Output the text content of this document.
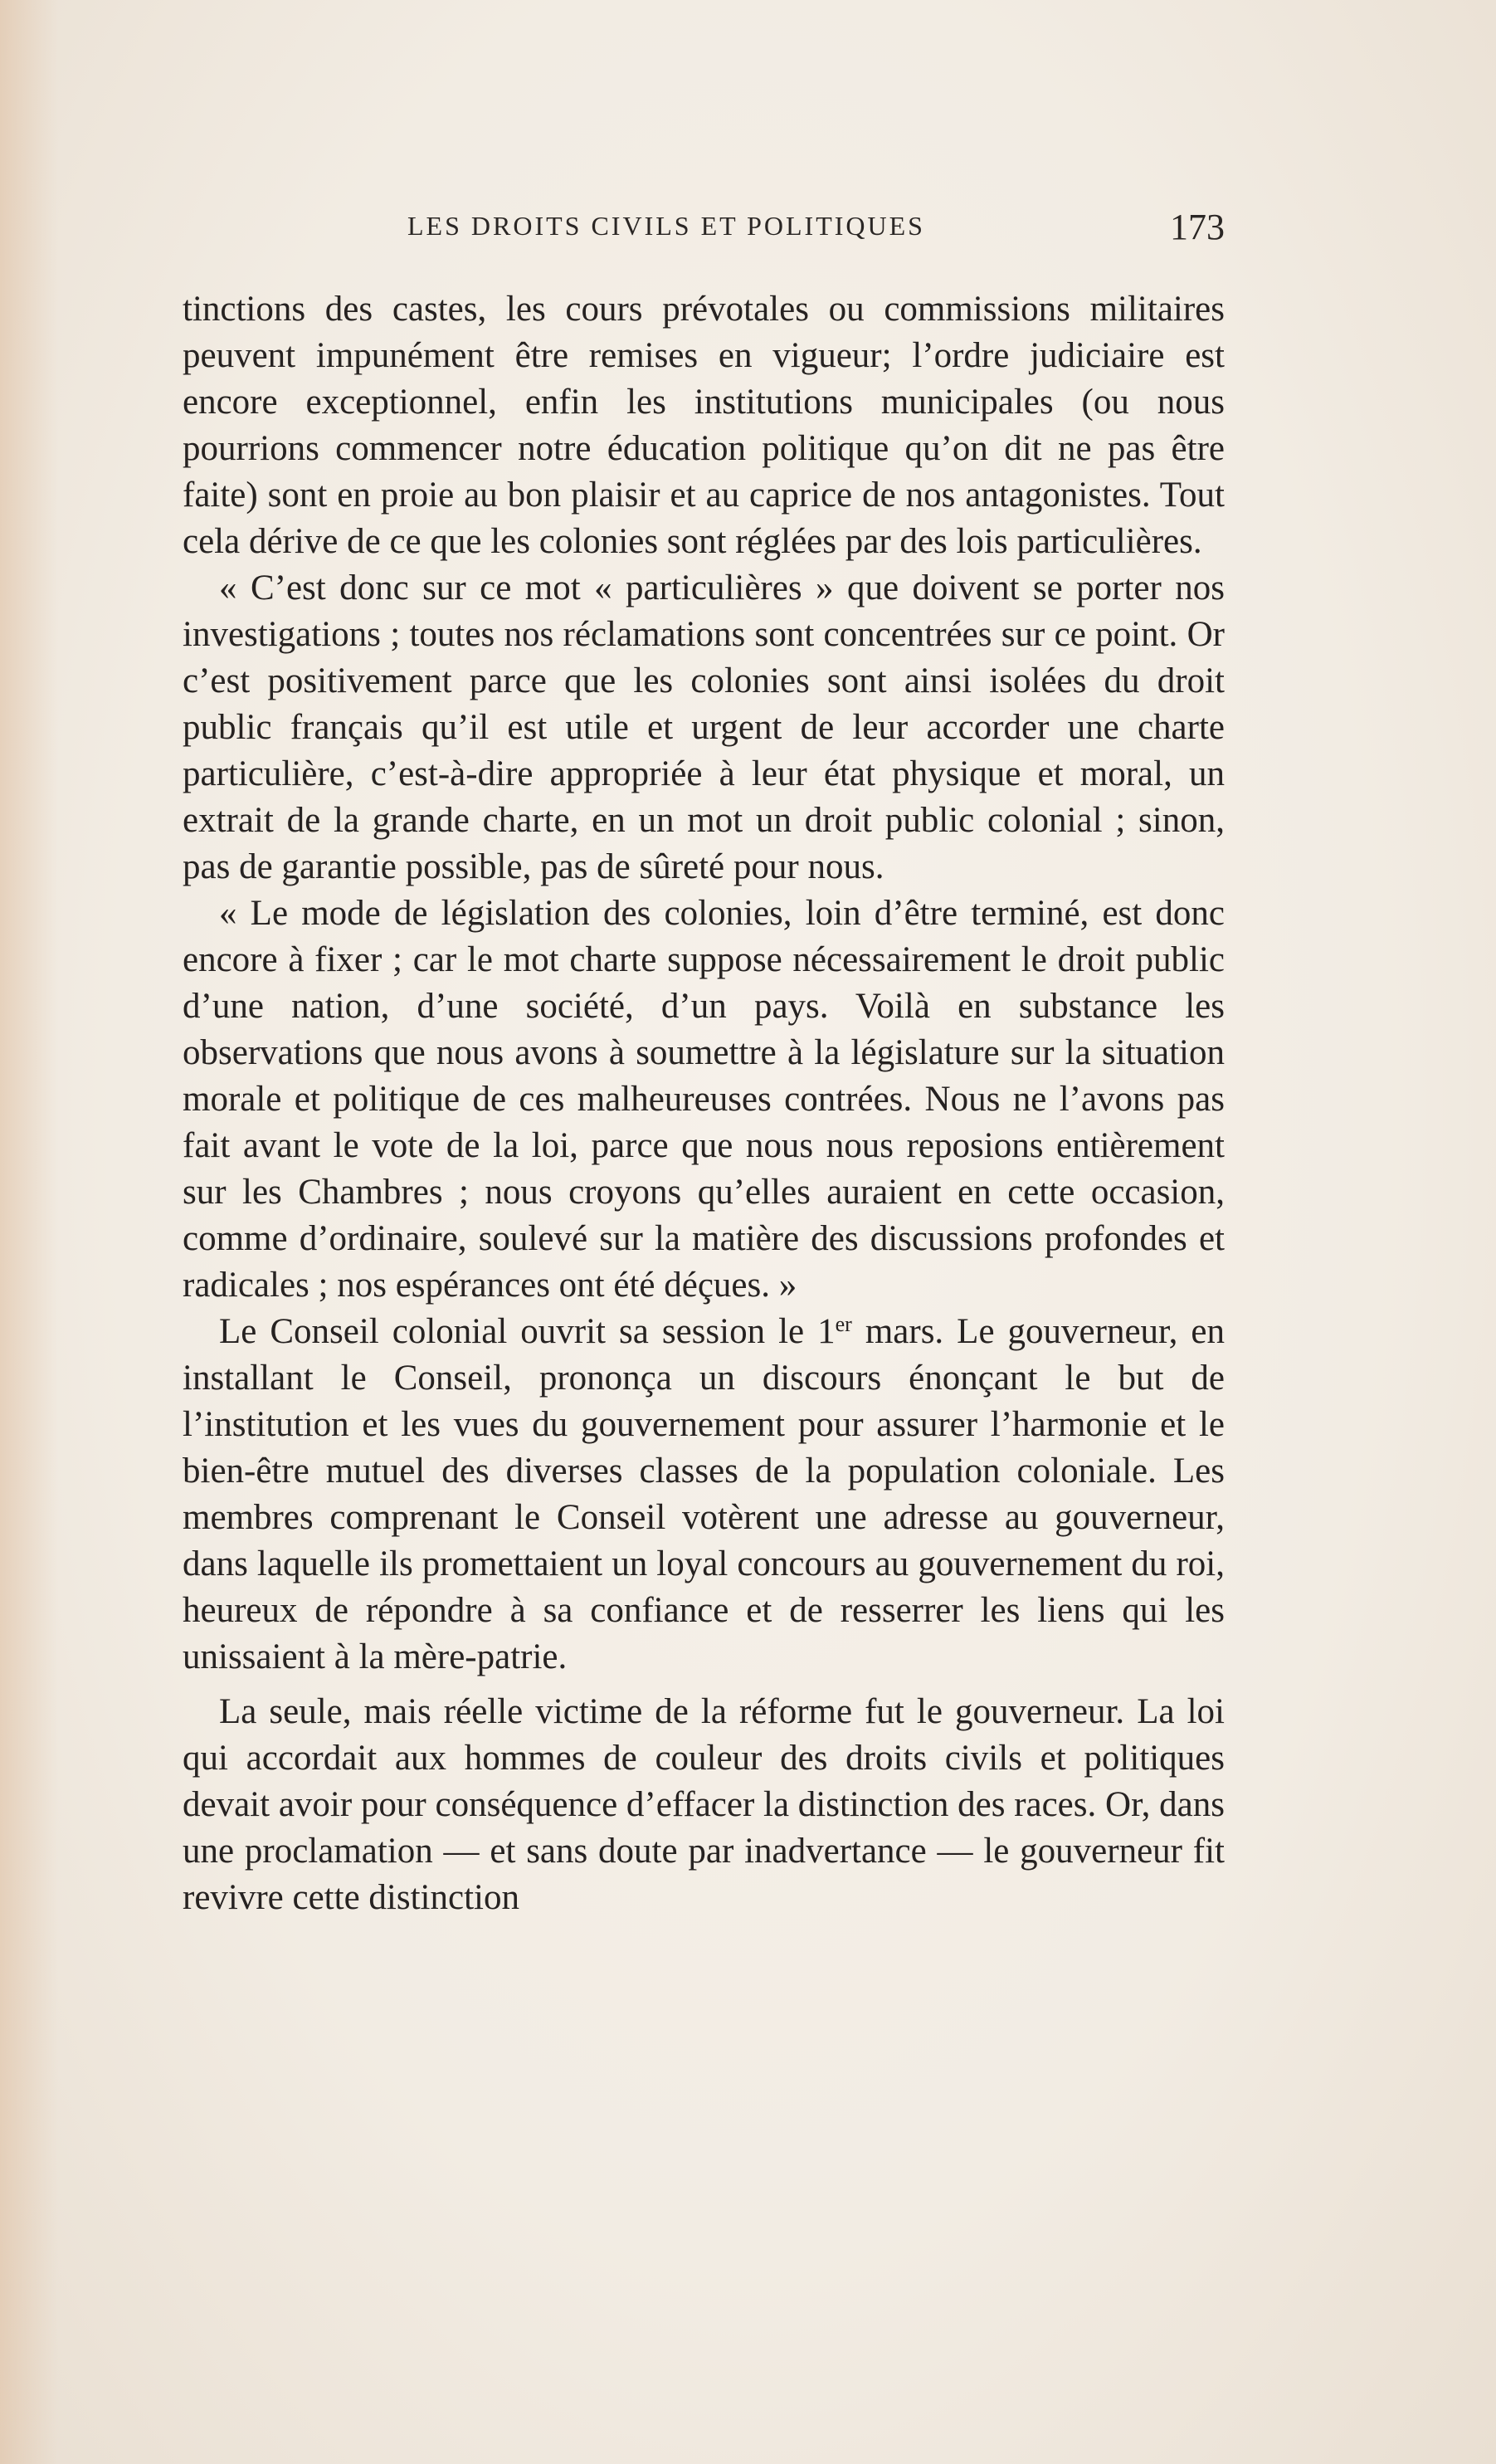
LES DROITS CIVILS ET POLITIQUES	173

tinctions des castes, les cours prévotales ou commissions militaires peuvent impunément être remises en vigueur; l’ordre judiciaire est encore exceptionnel, enfin les institutions municipales (ou nous pourrions commencer notre éducation politique qu’on dit ne pas être faite) sont en proie au bon plaisir et au caprice de nos antagonistes. Tout cela dérive de ce que les colonies sont réglées par des lois particulières.

« C’est donc sur ce mot « particulières » que doivent se porter nos investigations ; toutes nos réclamations sont concentrées sur ce point. Or c’est positivement parce que les colonies sont ainsi isolées du droit public français qu’il est utile et urgent de leur accorder une charte particulière, c’est-à-dire appropriée à leur état physique et moral, un extrait de la grande charte, en un mot un droit public colonial ; sinon, pas de garantie possible, pas de sûreté pour nous.

« Le mode de législation des colonies, loin d’être terminé, est donc encore à fixer ; car le mot charte suppose nécessairement le droit public d’une nation, d’une société, d’un pays. Voilà en substance les observations que nous avons à soumettre à la législature sur la situation morale et politique de ces malheureuses contrées. Nous ne l’avons pas fait avant le vote de la loi, parce que nous nous reposions entièrement sur les Chambres ; nous croyons qu’elles auraient en cette occasion, comme d’ordinaire, soulevé sur la matière des discussions profondes et radicales ; nos espérances ont été déçues. »

Le Conseil colonial ouvrit sa session le 1er mars. Le gouverneur, en installant le Conseil, prononça un discours énonçant le but de l’institution et les vues du gouvernement pour assurer l’harmonie et le bien-être mutuel des diverses classes de la population coloniale. Les membres comprenant le Conseil votèrent une adresse au gouverneur, dans laquelle ils promettaient un loyal concours au gouvernement du roi, heureux de répondre à sa confiance et de resserrer les liens qui les unissaient à la mère-patrie.

La seule, mais réelle victime de la réforme fut le gouverneur. La loi qui accordait aux hommes de couleur des droits civils et politiques devait avoir pour conséquence d’effacer la distinction des races. Or, dans une proclamation — et sans doute par inadvertance — le gouverneur fit revivre cette distinction
